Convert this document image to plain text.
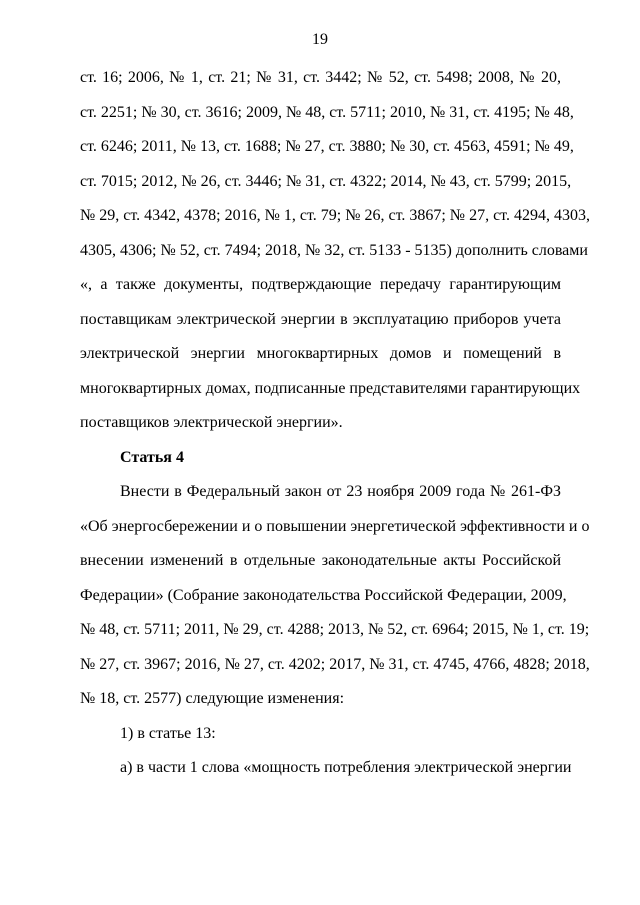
19
ст. 16; 2006, № 1, ст. 21; № 31, ст. 3442; № 52, ст. 5498; 2008, № 20,
ст. 2251; № 30, ст. 3616; 2009, № 48, ст. 5711; 2010, № 31, ст. 4195; № 48,
ст. 6246; 2011, № 13, ст. 1688; № 27, ст. 3880; № 30, ст. 4563, 4591; № 49,
ст. 7015; 2012, № 26, ст. 3446; № 31, ст. 4322; 2014, № 43, ст. 5799; 2015,
№ 29, ст. 4342, 4378; 2016, № 1, ст. 79; № 26, ст. 3867; № 27, ст. 4294, 4303,
4305, 4306; № 52, ст. 7494; 2018, № 32, ст. 5133 - 5135) дополнить словами
«, а также документы, подтверждающие передачу гарантирующим
поставщикам электрической энергии в эксплуатацию приборов учета
электрической энергии многоквартирных домов и помещений в
многоквартирных домах, подписанные представителями гарантирующих
поставщиков электрической энергии».
Статья 4
Внести в Федеральный закон от 23 ноября 2009 года № 261-ФЗ
«Об энергосбережении и о повышении энергетической эффективности и о
внесении изменений в отдельные законодательные акты Российской
Федерации» (Собрание законодательства Российской Федерации, 2009,
№ 48, ст. 5711; 2011, № 29, ст. 4288; 2013, № 52, ст. 6964; 2015, № 1, ст. 19;
№ 27, ст. 3967; 2016, № 27, ст. 4202; 2017, № 31, ст. 4745, 4766, 4828; 2018,
№ 18, ст. 2577) следующие изменения:
1) в статье 13:
а) в части 1 слова «мощность потребления электрической энергии
